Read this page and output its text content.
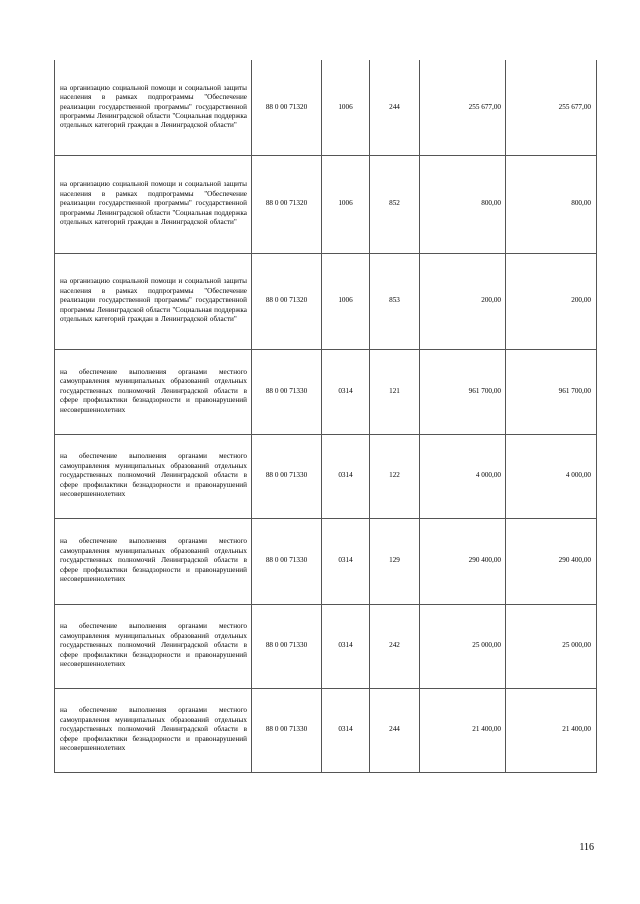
на организацию социальной помощи и социальной защиты населения в рамках подпрограммы "Обеспечение реализации государственной программы" государственной программы Ленинградской области "Социальная поддержка отдельных категорий граждан в Ленинградской области"	88 0 00 71320	1006	244	255 677,00	255 677,00
на организацию социальной помощи и социальной защиты населения в рамках подпрограммы "Обеспечение реализации государственной программы" государственной программы Ленинградской области "Социальная поддержка отдельных категорий граждан в Ленинградской области"	88 0 00 71320	1006	852	800,00	800,00
на организацию социальной помощи и социальной защиты населения в рамках подпрограммы "Обеспечение реализации государственной программы" государственной программы Ленинградской области "Социальная поддержка отдельных категорий граждан в Ленинградской области"	88 0 00 71320	1006	853	200,00	200,00
на обеспечение выполнения органами местного самоуправления муниципальных образований отдельных государственных полномочий Ленинградской области в сфере профилактики безнадзорности и правонарушений несовершеннолетних	88 0 00 71330	0314	121	961 700,00	961 700,00
на обеспечение выполнения органами местного самоуправления муниципальных образований отдельных государственных полномочий Ленинградской области в сфере профилактики безнадзорности и правонарушений несовершеннолетних	88 0 00 71330	0314	122	4 000,00	4 000,00
на обеспечение выполнения органами местного самоуправления муниципальных образований отдельных государственных полномочий Ленинградской области в сфере профилактики безнадзорности и правонарушений несовершеннолетних	88 0 00 71330	0314	129	290 400,00	290 400,00
на обеспечение выполнения органами местного самоуправления муниципальных образований отдельных государственных полномочий Ленинградской области в сфере профилактики безнадзорности и правонарушений несовершеннолетних	88 0 00 71330	0314	242	25 000,00	25 000,00
на обеспечение выполнения органами местного самоуправления муниципальных образований отдельных государственных полномочий Ленинградской области в сфере профилактики безнадзорности и правонарушений несовершеннолетних	88 0 00 71330	0314	244	21 400,00	21 400,00
116
